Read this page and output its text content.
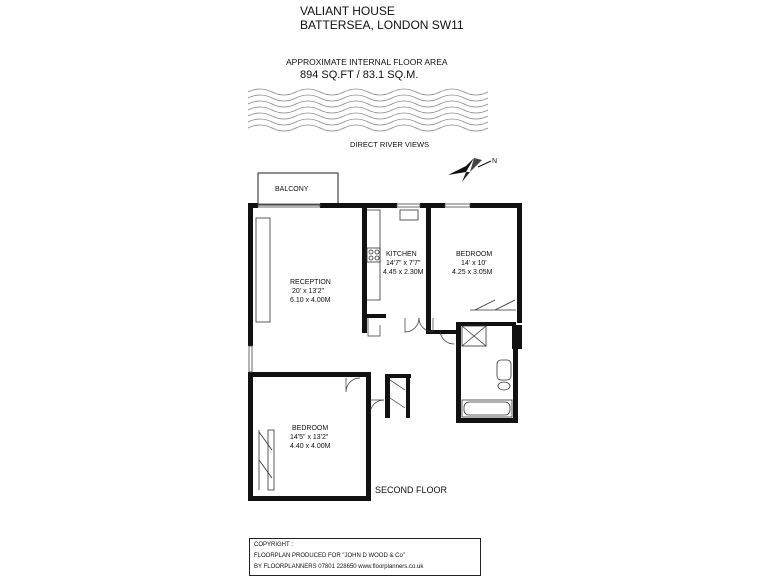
VALIANT HOUSE
BATTERSEA, LONDON SW11
APPROXIMATE INTERNAL FLOOR AREA
894 SQ.FT / 83.1 SQ.M.
DIRECT RIVER VIEWS
SECOND FLOOR
N
BALCONY
RECEPTION
20' x 13'2"
6.10 x 4.00M
KITCHEN
14'7" x 7'7"
4.45 x 2.30M
BEDROOM
14' x 10'
4.25 x 3.05M
BEDROOM
14'5" x 13'2"
4.40 x 4.00M
COPYRIGHT :
FLOORPLAN PRODUCED FOR "JOHN D WOOD & Co"
BY FLOORPLANNERS 07801 228650 www.floorplanners.co.uk
